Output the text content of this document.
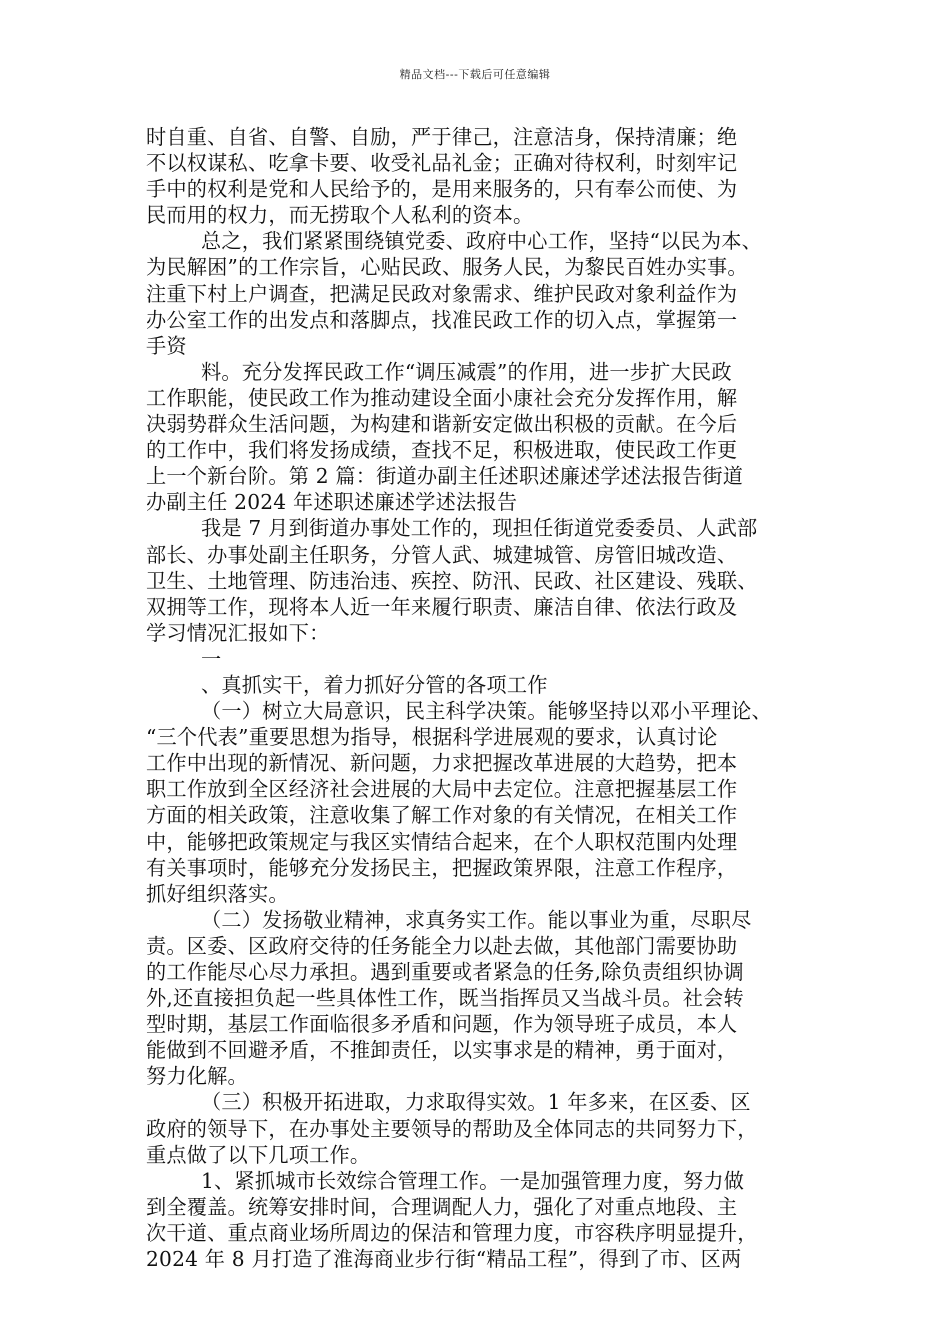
精品文档---下载后可任意编辑
时自重、自省、自警、自励，严于律己，注意洁身，保持清廉；绝
不以权谋私、吃拿卡要、收受礼品礼金；正确对待权利，时刻牢记
手中的权利是党和人民给予的，是用来服务的，只有奉公而使、为
民而用的权力，而无捞取个人私利的资本。
总之，我们紧紧围绕镇党委、政府中心工作，坚持“以民为本、
为民解困”的工作宗旨，心贴民政、服务人民，为黎民百姓办实事。
注重下村上户调查，把满足民政对象需求、维护民政对象利益作为
办公室工作的出发点和落脚点，找准民政工作的切入点，掌握第一
手资
料。充分发挥民政工作“调压减震”的作用，进一步扩大民政
工作职能，使民政工作为推动建设全面小康社会充分发挥作用，解
决弱势群众生活问题，为构建和谐新安定做出积极的贡献。在今后
的工作中，我们将发扬成绩，查找不足，积极进取，使民政工作更
上一个新台阶。第 2 篇：街道办副主任述职述廉述学述法报告街道
办副主任 2024 年述职述廉述学述法报告
我是 7 月到街道办事处工作的，现担任街道党委委员、人武部
部长、办事处副主任职务，分管人武、城建城管、房管旧城改造、
卫生、土地管理、防违治违、疾控、防汛、民政、社区建设、残联、
双拥等工作，现将本人近一年来履行职责、廉洁自律、依法行政及
学习情况汇报如下：
一
、真抓实干，着力抓好分管的各项工作
（一）树立大局意识，民主科学决策。能够坚持以邓小平理论、
“三个代表”重要思想为指导，根据科学进展观的要求，认真讨论
工作中出现的新情况、新问题，力求把握改革进展的大趋势，把本
职工作放到全区经济社会进展的大局中去定位。注意把握基层工作
方面的相关政策，注意收集了解工作对象的有关情况，在相关工作
中，能够把政策规定与我区实情结合起来，在个人职权范围内处理
有关事项时，能够充分发扬民主，把握政策界限，注意工作程序，
抓好组织落实。
（二）发扬敬业精神，求真务实工作。能以事业为重，尽职尽
责。区委、区政府交待的任务能全力以赴去做，其他部门需要协助
的工作能尽心尽力承担。遇到重要或者紧急的任务,除负责组织协调
外,还直接担负起一些具体性工作，既当指挥员又当战斗员。社会转
型时期，基层工作面临很多矛盾和问题，作为领导班子成员，本人
能做到不回避矛盾，不推卸责任，以实事求是的精神，勇于面对，
努力化解。
（三）积极开拓进取，力求取得实效。1 年多来，在区委、区
政府的领导下，在办事处主要领导的帮助及全体同志的共同努力下，
重点做了以下几项工作。
1、紧抓城市长效综合管理工作。一是加强管理力度，努力做
到全覆盖。统筹安排时间，合理调配人力，强化了对重点地段、主
次干道、重点商业场所周边的保洁和管理力度，市容秩序明显提升，
2024 年 8 月打造了淮海商业步行街“精品工程”，得到了市、区两
